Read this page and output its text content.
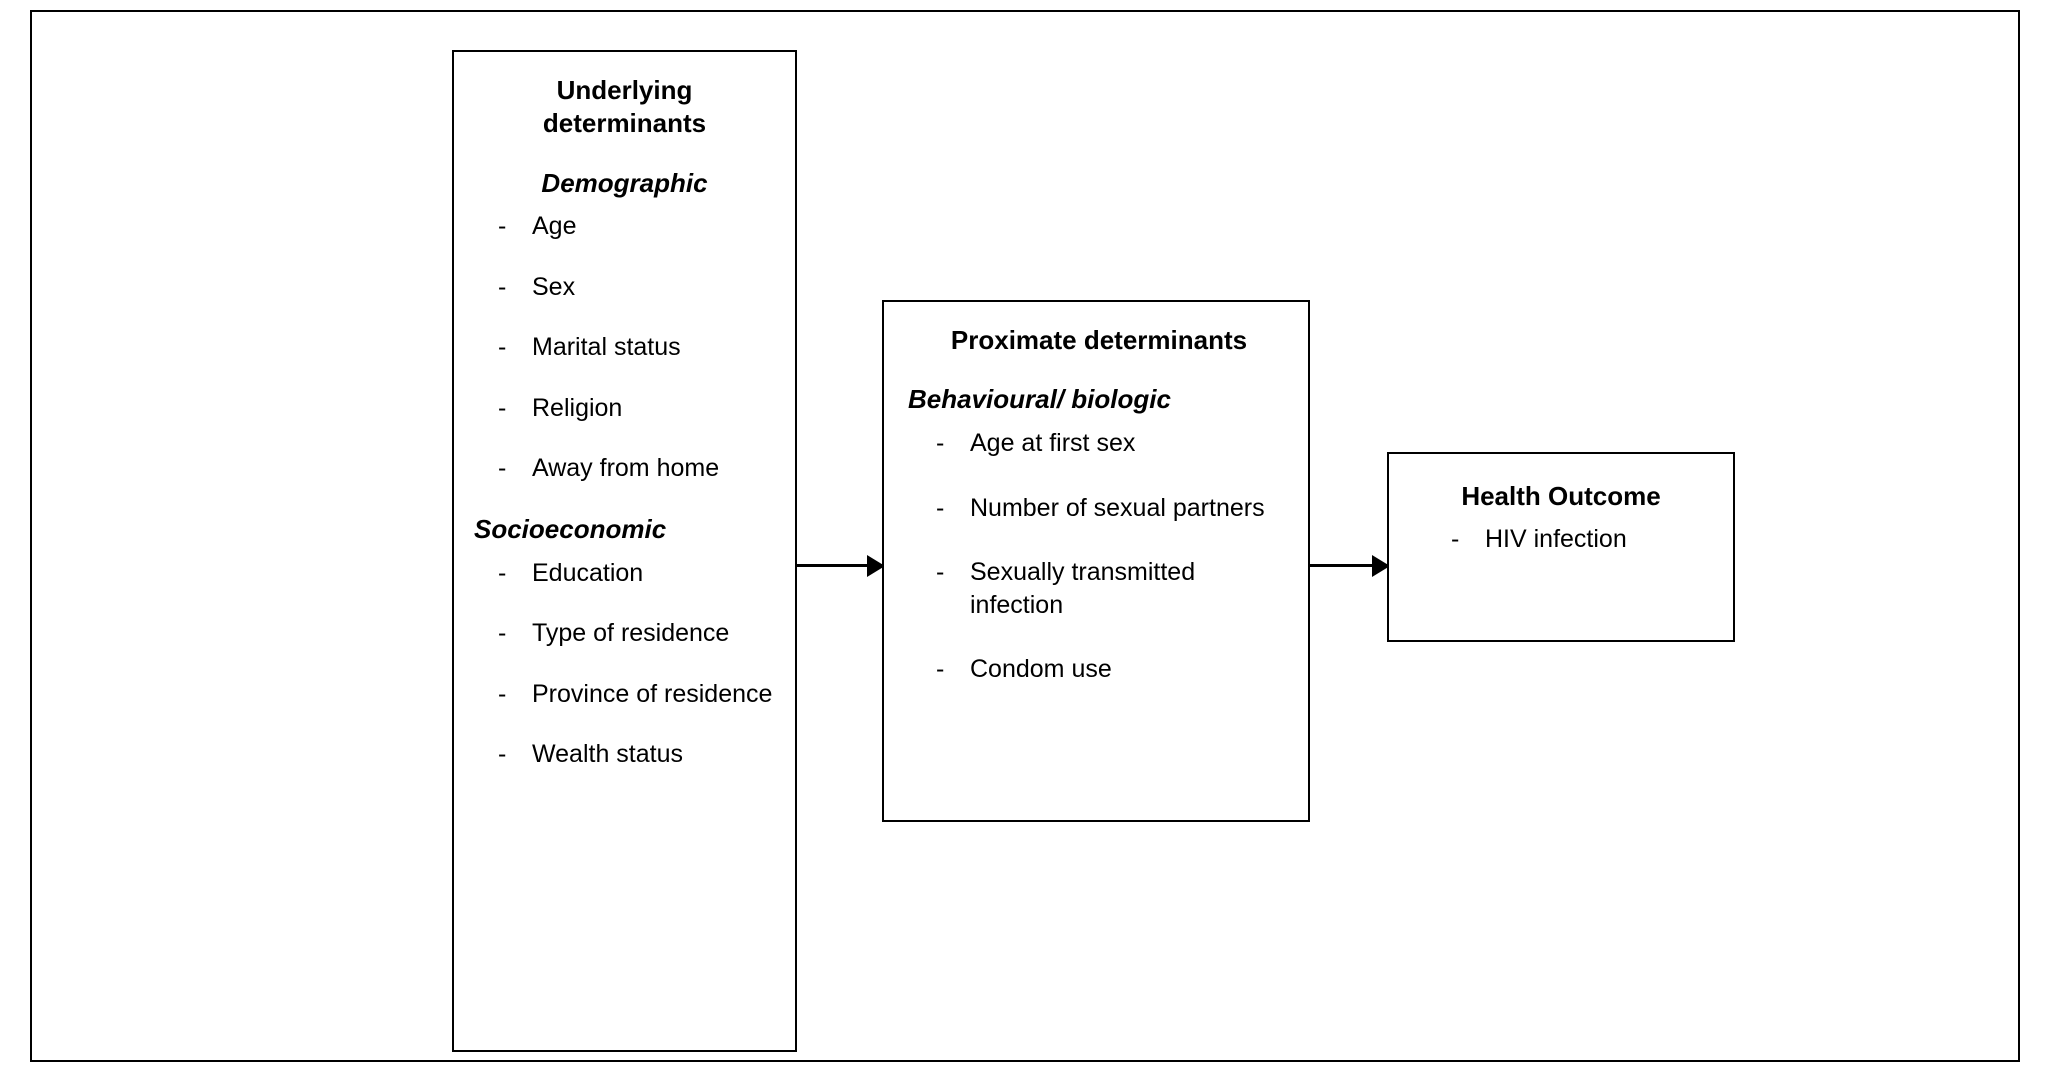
Underlying
determinants
Demographic
- Age
- Sex
- Marital status
- Religion
- Away from home
Socioeconomic
- Education
- Type of residence
- Province of residence
- Wealth status
Proximate determinants
Behavioural/ biologic
- Age at first sex
- Number of sexual partners
- Sexually transmitted infection
- Condom use
Health Outcome
- HIV infection
